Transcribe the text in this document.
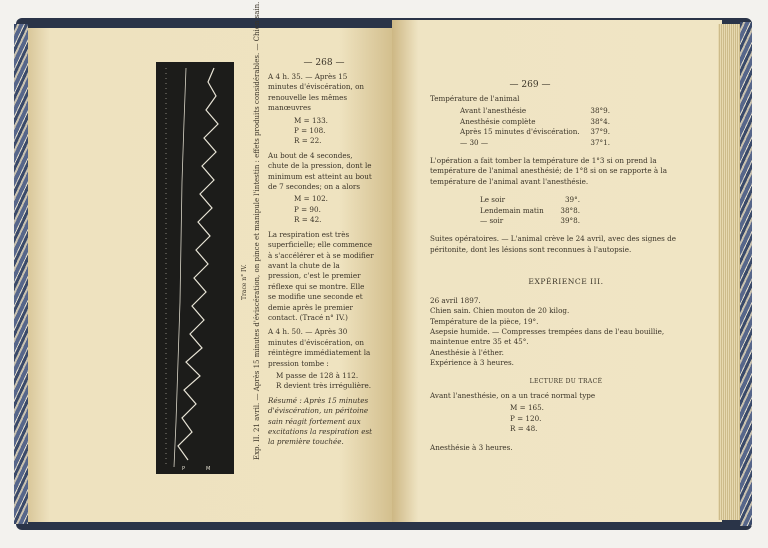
P	M
Exp. II. 21 avril. — Après 15 minutes d'éviscération, on pince et manipule l'intestin : effets produits considérables. — Chien sain.
Trace n° IV.
— 268 —
A 4 h. 35. — Après 15 minutes d'éviscération, on renouvelle les mêmes manœuvres
M = 133.
P = 108.
R = 22.
Au bout de 4 secondes, chute de la pression, dont le minimum est atteint au bout de 7 secondes; on a alors
M = 102.
P = 90.
R = 42.
La respiration est très superficielle; elle commence à s'accélérer et à se modifier avant la chute de la pression, c'est le premier réflexe qui se montre. Elle se modifie une seconde et demie après le premier contact. (Tracé n° IV.)
A 4 h. 50. — Après 30 minutes d'éviscération, on réintègre immédiatement la pression tombe :
M passe de 128 à 112.
R devient très irrégulière.
Résumé : Après 15 minutes d'éviscération, un péritoine sain réagit fortement aux excitations la respiration est la première touchée.
— 269 —
Température de l'animal
Avant l'anesthésie	38°9.
Anesthésie complète	38°4.
Après 15 minutes d'éviscération. 37°9.
— 30 —	37°1.
L'opération a fait tomber la température de 1°3 si on prend la température de l'animal anesthésié; de 1°8 si on se rapporte à la température de l'animal avant l'anesthésie.
Le soir	39°.
Lendemain matin 38°8.
— soir	39°8.
Suites opératoires. — L'animal crève le 24 avril, avec des signes de péritonite, dont les lésions sont reconnues à l'autopsie.
EXPÉRIENCE III.
26 avril 1897.
Chien sain. Chien mouton de 20 kilog.
Température de la pièce, 19°.
Asepsie humide. — Compresses trempées dans de l'eau bouillie, maintenue entre 35 et 45°.
Anesthésie à l'éther.
Expérience à 3 heures.
LECTURE DU TRACÉ
Avant l'anesthésie, on a un tracé normal type
M = 165.
P = 120.
R = 48.
Anesthésie à 3 heures.
